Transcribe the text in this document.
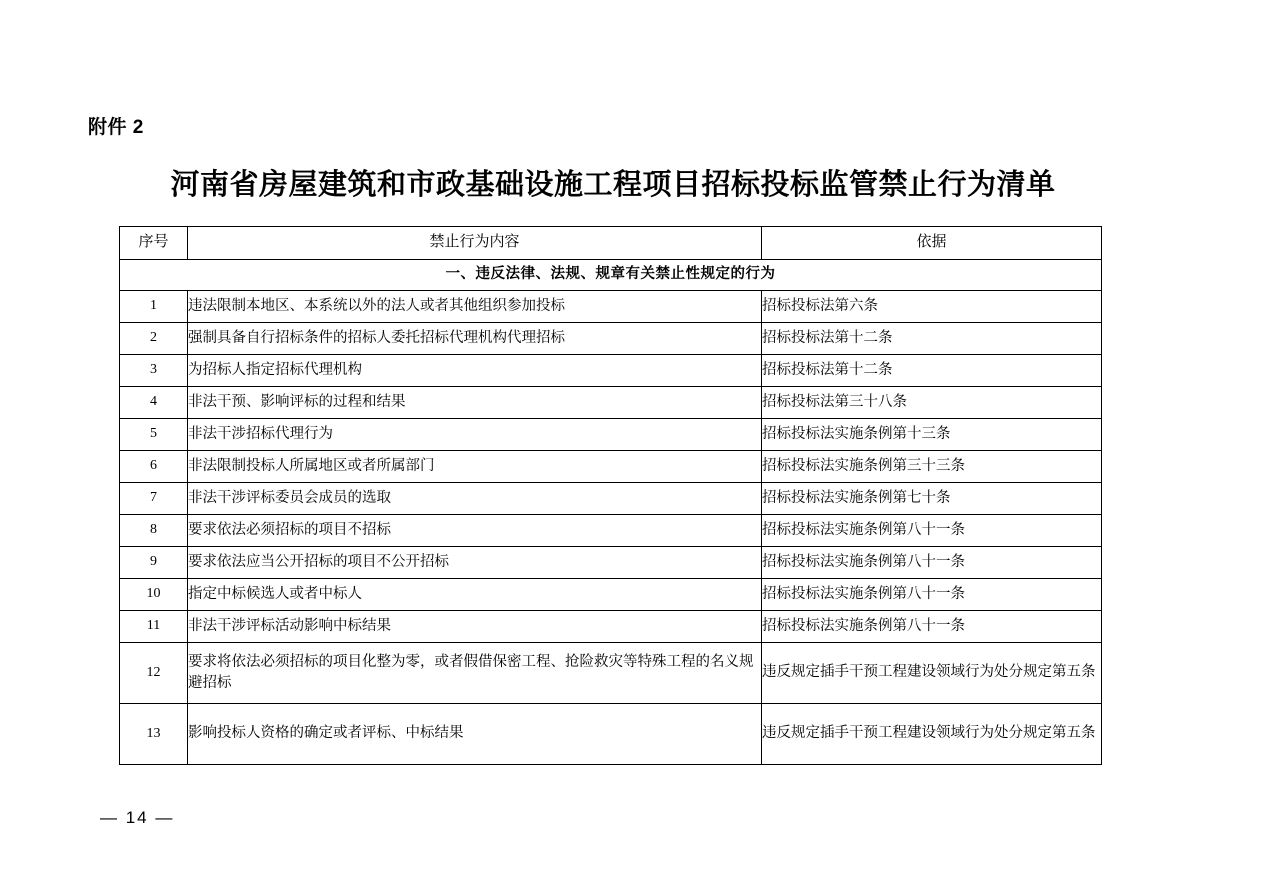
附件 2
河南省房屋建筑和市政基础设施工程项目招标投标监管禁止行为清单
序号	禁止行为内容	依据
一、违反法律、法规、规章有关禁止性规定的行为		
1	违法限制本地区、本系统以外的法人或者其他组织参加投标	招标投标法第六条
2	强制具备自行招标条件的招标人委托招标代理机构代理招标	招标投标法第十二条
3	为招标人指定招标代理机构	招标投标法第十二条
4	非法干预、影响评标的过程和结果	招标投标法第三十八条
5	非法干涉招标代理行为	招标投标法实施条例第十三条
6	非法限制投标人所属地区或者所属部门	招标投标法实施条例第三十三条
7	非法干涉评标委员会成员的选取	招标投标法实施条例第七十条
8	要求依法必须招标的项目不招标	招标投标法实施条例第八十一条
9	要求依法应当公开招标的项目不公开招标	招标投标法实施条例第八十一条
10	指定中标候选人或者中标人	招标投标法实施条例第八十一条
11	非法干涉评标活动影响中标结果	招标投标法实施条例第八十一条
12	要求将依法必须招标的项目化整为零，或者假借保密工程、抢险救灾等特殊工程的名义规避招标	违反规定插手干预工程建设领域行为处分规定第五条
13	影响投标人资格的确定或者评标、中标结果	违反规定插手干预工程建设领域行为处分规定第五条
— 14 —
